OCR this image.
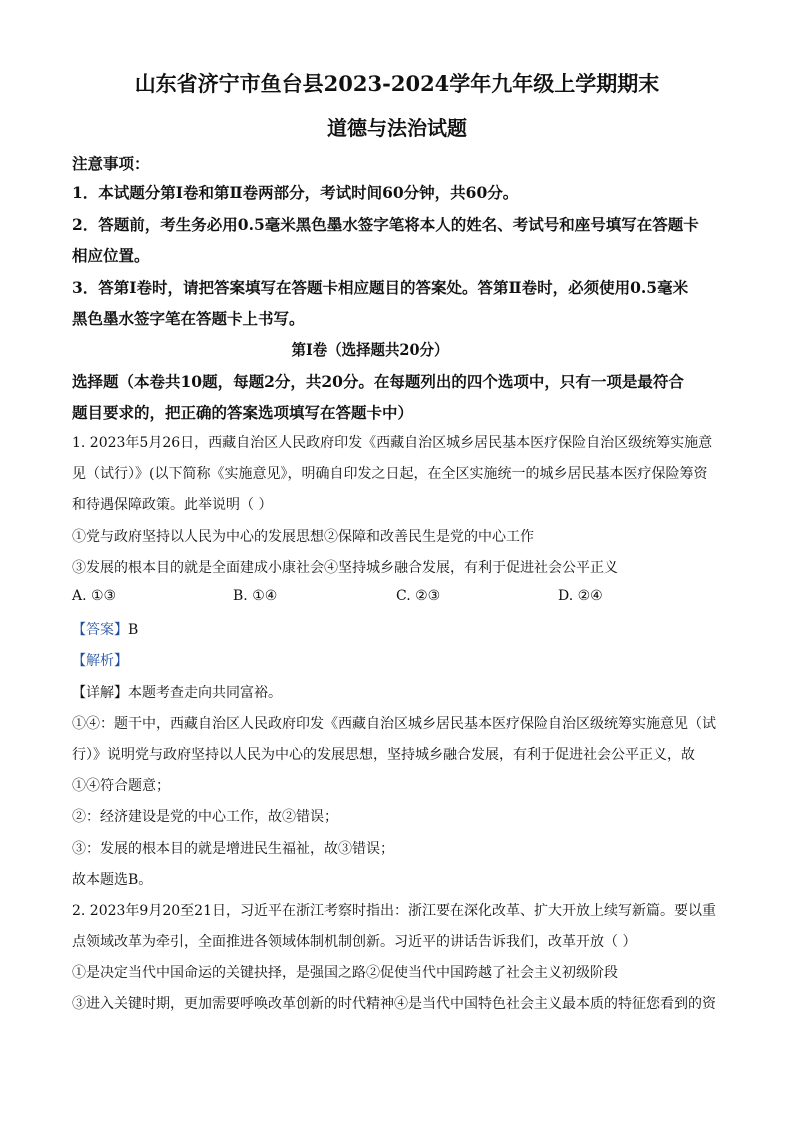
山东省济宁市鱼台县2023-2024学年九年级上学期期末
道德与法治试题
注意事项：
1．本试题分第Ⅰ卷和第Ⅱ卷两部分，考试时间60分钟，共60分。
2．答题前，考生务必用0.5毫米黑色墨水签字笔将本人的姓名、考试号和座号填写在答题卡
相应位置。
3．答第Ⅰ卷时，请把答案填写在答题卡相应题目的答案处。答第Ⅱ卷时，必须使用0.5毫米
黑色墨水签字笔在答题卡上书写。
第Ⅰ卷（选择题共20分）
选择题（本卷共10题，每题2分，共20分。在每题列出的四个选项中，只有一项是最符合
题目要求的，把正确的答案选项填写在答题卡中）
1. 2023年5月26日，西藏自治区人民政府印发《西藏自治区城乡居民基本医疗保险自治区级统筹实施意
见（试行）》(以下简称《实施意见》，明确自印发之日起，在全区实施统一的城乡居民基本医疗保险筹资
和待遇保障政策。此举说明（ ）
①党与政府坚持以人民为中心的发展思想②保障和改善民生是党的中心工作
③发展的根本目的就是全面建成小康社会④坚持城乡融合发展，有利于促进社会公平正义
A. ①③	B. ①④	C. ②③	D. ②④
【答案】B
【解析】
【详解】本题考查走向共同富裕。
①④：题干中，西藏自治区人民政府印发《西藏自治区城乡居民基本医疗保险自治区级统筹实施意见（试
行）》说明党与政府坚持以人民为中心的发展思想，坚持城乡融合发展，有利于促进社会公平正义，故
①④符合题意；
②：经济建设是党的中心工作，故②错误；
③：发展的根本目的就是增进民生福祉，故③错误；
故本题选B。
2. 2023年9月20至21日，习近平在浙江考察时指出：浙江要在深化改革、扩大开放上续写新篇。要以重
点领域改革为牵引，全面推进各领域体制机制创新。习近平的讲话告诉我们，改革开放（ ）
①是决定当代中国命运的关键抉择，是强国之路②促使当代中国跨越了社会主义初级阶段
③进入关键时期，更加需要呼唤改革创新的时代精神④是当代中国特色社会主义最本质的特征您看到的资
